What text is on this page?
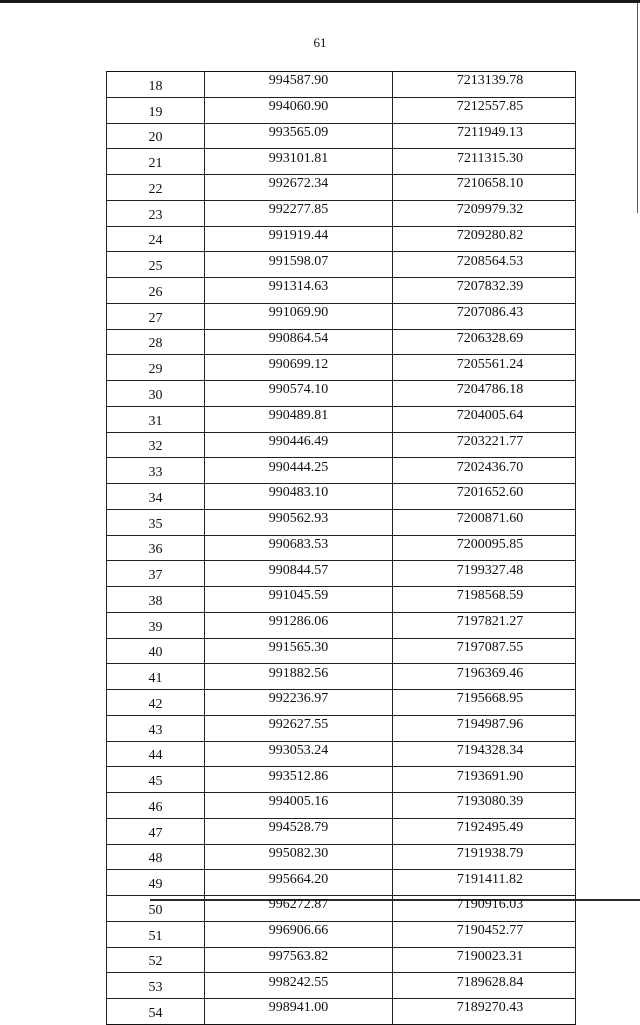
61
18	994587.90	7213139.78
19	994060.90	7212557.85
20	993565.09	7211949.13
21	993101.81	7211315.30
22	992672.34	7210658.10
23	992277.85	7209979.32
24	991919.44	7209280.82
25	991598.07	7208564.53
26	991314.63	7207832.39
27	991069.90	7207086.43
28	990864.54	7206328.69
29	990699.12	7205561.24
30	990574.10	7204786.18
31	990489.81	7204005.64
32	990446.49	7203221.77
33	990444.25	7202436.70
34	990483.10	7201652.60
35	990562.93	7200871.60
36	990683.53	7200095.85
37	990844.57	7199327.48
38	991045.59	7198568.59
39	991286.06	7197821.27
40	991565.30	7197087.55
41	991882.56	7196369.46
42	992236.97	7195668.95
43	992627.55	7194987.96
44	993053.24	7194328.34
45	993512.86	7193691.90
46	994005.16	7193080.39
47	994528.79	7192495.49
48	995082.30	7191938.79
49	995664.20	7191411.82
50	996272.87	7190916.03
51	996906.66	7190452.77
52	997563.82	7190023.31
53	998242.55	7189628.84
54	998941.00	7189270.43
